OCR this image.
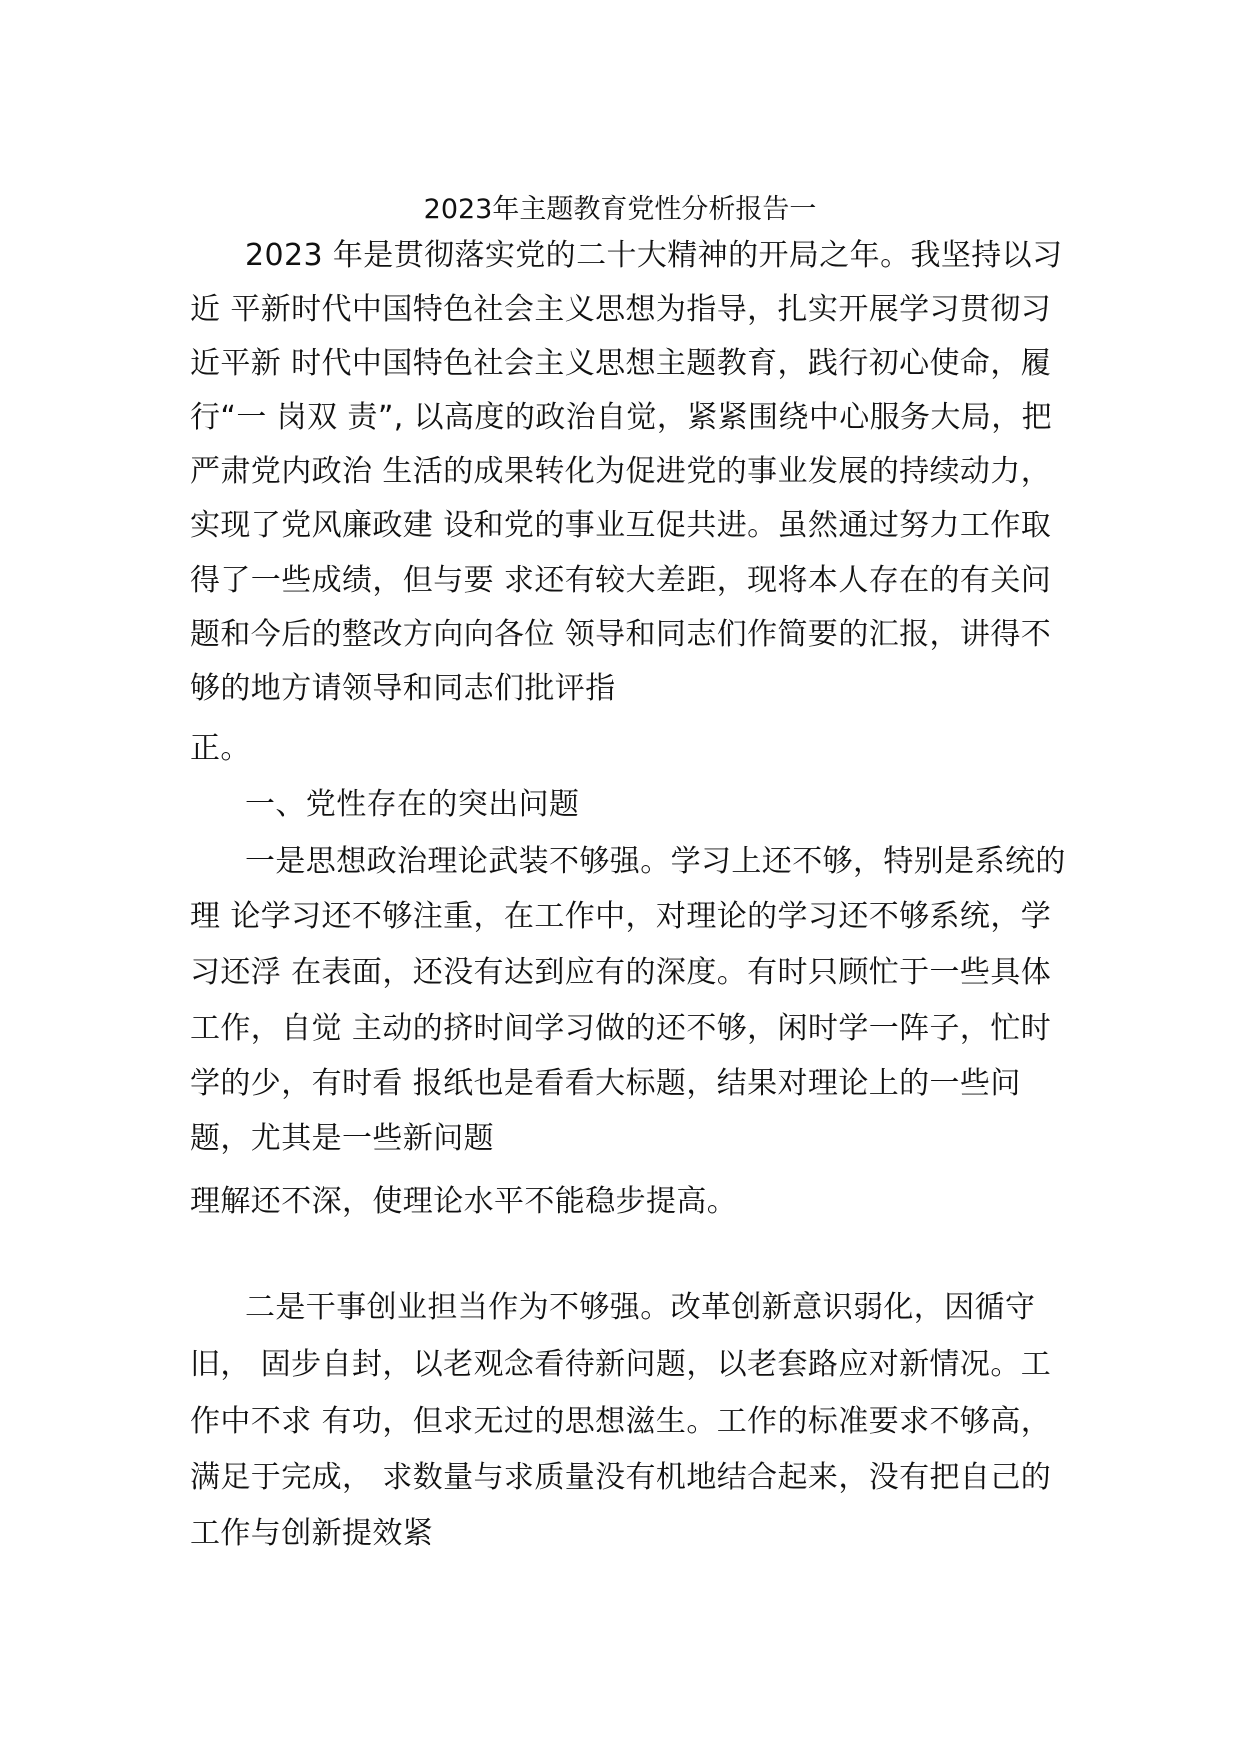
2023年主题教育党性分析报告一
2023 年是贯彻落实党的二十大精神的开局之年。我坚持以习
近 平新时代中国特色社会主义思想为指导，扎实开展学习贯彻习
近平新 时代中国特色社会主义思想主题教育，践行初心使命，履
行“一 岗双 责”, 以高度的政治自觉，紧紧围绕中心服务大局，把
严肃党内政治 生活的成果转化为促进党的事业发展的持续动力，
实现了党风廉政建 设和党的事业互促共进。虽然通过努力工作取
得了一些成绩，但与要 求还有较大差距，现将本人存在的有关问
题和今后的整改方向向各位 领导和同志们作简要的汇报，讲得不
够的地方请领导和同志们批评指
正。
一、党性存在的突出问题
一是思想政治理论武装不够强。学习上还不够，特别是系统的
理 论学习还不够注重，在工作中，对理论的学习还不够系统，学
习还浮 在表面，还没有达到应有的深度。有时只顾忙于一些具体
工作，自觉 主动的挤时间学习做的还不够，闲时学一阵子，忙时
学的少，有时看 报纸也是看看大标题，结果对理论上的一些问
题，尤其是一些新问题
理解还不深，使理论水平不能稳步提高。
二是干事创业担当作为不够强。改革创新意识弱化，因循守
旧， 固步自封，以老观念看待新问题，以老套路应对新情况。工
作中不求 有功，但求无过的思想滋生。工作的标准要求不够高，
满足于完成， 求数量与求质量没有机地结合起来，没有把自己的
工作与创新提效紧
